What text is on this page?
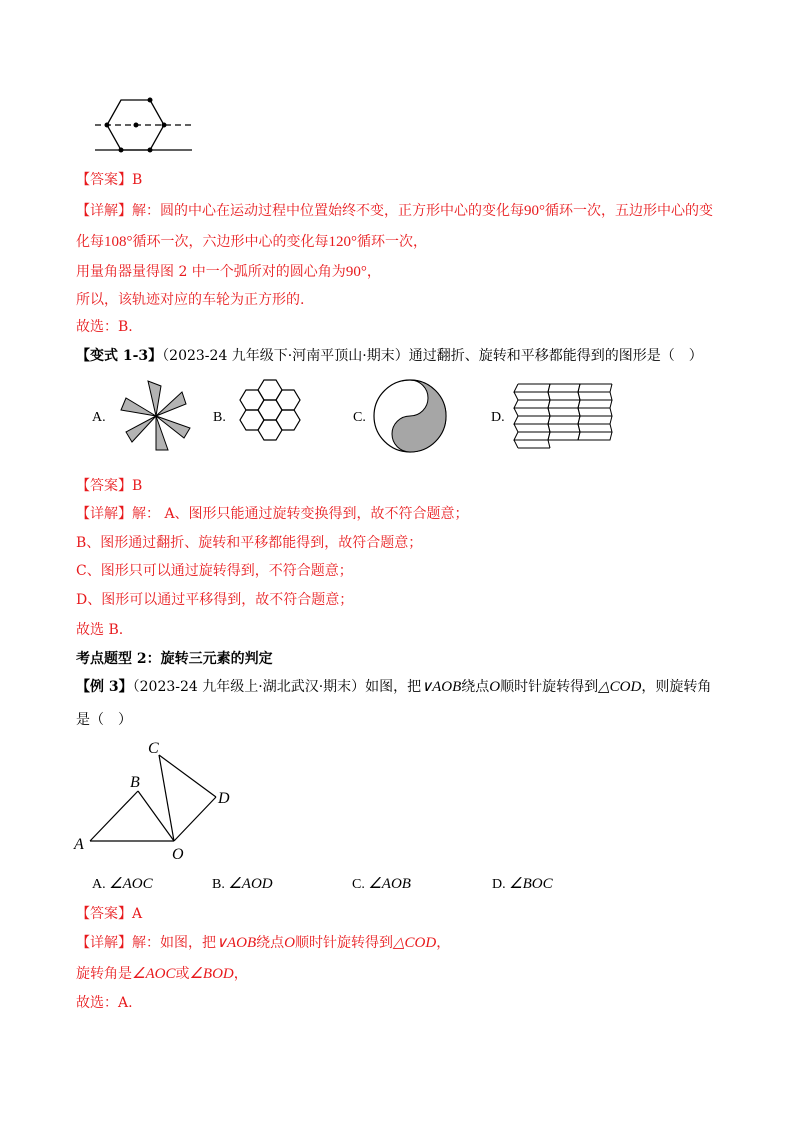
【答案】B
【详解】解：圆的中心在运动过程中位置始终不变，正方形中心的变化每90°循环一次，五边形中心的变
化每108°循环一次，六边形中心的变化每120°循环一次，
用量角器量得图 2 中一个弧所对的圆心角为90°，
所以，该轨迹对应的车轮为正方形的.
故选：B.
【变式 1-3】（2023-24 九年级下·河南平顶山·期末）通过翻折、旋转和平移都能得到的图形是（　）
A.	B.	C.	D.
【答案】B
【详解】解： A、图形只能通过旋转变换得到，故不符合题意；
B、图形通过翻折、旋转和平移都能得到，故符合题意；
C、图形只可以通过旋转得到，不符合题意；
D、图形可以通过平移得到，故不符合题意；
故选 B.
考点题型 2：旋转三元素的判定
【例 3】（2023-24 九年级上·湖北武汉·期末）如图，把∨AOB绕点O顺时针旋转得到△COD，则旋转角
是（　）
A
B
C
D
O
A. ∠AOC	B. ∠AOD	C. ∠AOB	D. ∠BOC
【答案】A
【详解】解：如图，把∨AOB绕点O顺时针旋转得到△COD，
旋转角是∠AOC或∠BOD，
故选：A.
